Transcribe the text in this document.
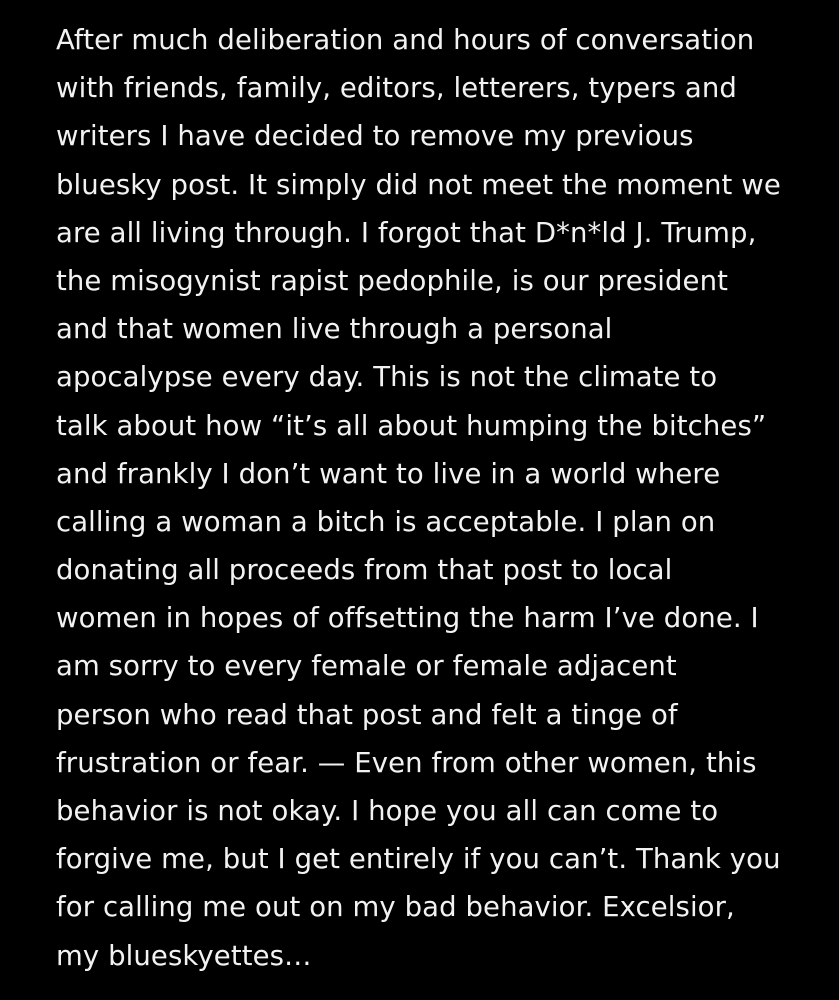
After much deliberation and hours of conversation
with friends, family, editors, letterers, typers and
writers I have decided to remove my previous
bluesky post. It simply did not meet the moment we
are all living through. I forgot that D*n*ld J. Trump,
the misogynist rapist pedophile, is our president
and that women live through a personal
apocalypse every day. This is not the climate to
talk about how “it’s all about humping the bitches”
and frankly I don’t want to live in a world where
calling a woman a bitch is acceptable. I plan on
donating all proceeds from that post to local
women in hopes of offsetting the harm I’ve done. I
am sorry to every female or female adjacent
person who read that post and felt a tinge of
frustration or fear. — Even from other women, this
behavior is not okay. I hope you all can come to
forgive me, but I get entirely if you can’t. Thank you
for calling me out on my bad behavior. Excelsior,
my blueskyettes…
